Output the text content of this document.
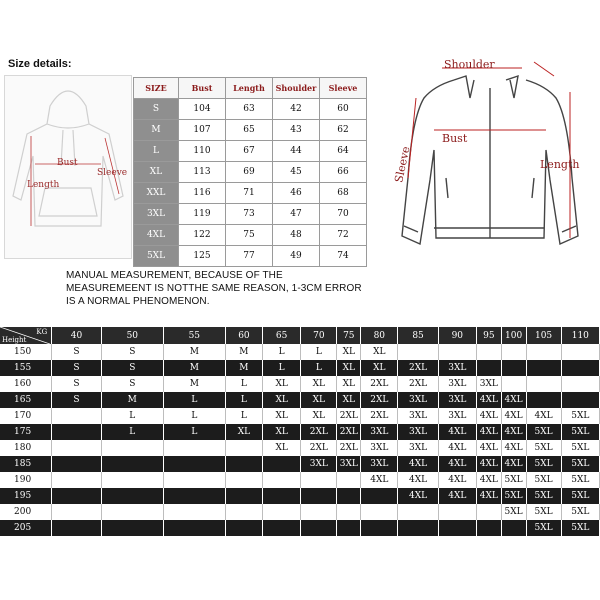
Size details:
Bust
Length
Sleeve
SIZE	Bust	Length	Shoulder	Sleeve
S	104	63	42	60
M	107	65	43	62
L	110	67	44	64
XL	113	69	45	66
XXL	116	71	46	68
3XL	119	73	47	70
4XL	122	75	48	72
5XL	125	77	49	74
Shoulder
Bust
Sleeve	Length
MANUAL MEASUREMENT, BECAUSE OF THE MEASUREMEENT IS NOTTHE SAME REASON, 1-3CM ERROR IS A NORMAL PHENOMENON.
KG
Height	40	50	55	60	65	70	75	80	85	90	95	100	105	110
150	S	S	M	M	L	L	XL	XL						
155	S	S	M	M	L	L	XL	XL	2XL	3XL				
160	S	S	M	L	XL	XL	XL	2XL	2XL	3XL	3XL			
165	S	M	L	L	XL	XL	XL	2XL	3XL	3XL	4XL	4XL		
170		L	L	L	XL	XL	2XL	2XL	3XL	3XL	4XL	4XL	4XL	5XL
175		L	L	XL	XL	2XL	2XL	3XL	3XL	4XL	4XL	4XL	5XL	5XL
180					XL	2XL	2XL	3XL	3XL	4XL	4XL	4XL	5XL	5XL
185						3XL	3XL	3XL	4XL	4XL	4XL	4XL	5XL	5XL
190								4XL	4XL	4XL	4XL	5XL	5XL	5XL
195									4XL	4XL	4XL	5XL	5XL	5XL
200												5XL	5XL	5XL
205													5XL	5XL
